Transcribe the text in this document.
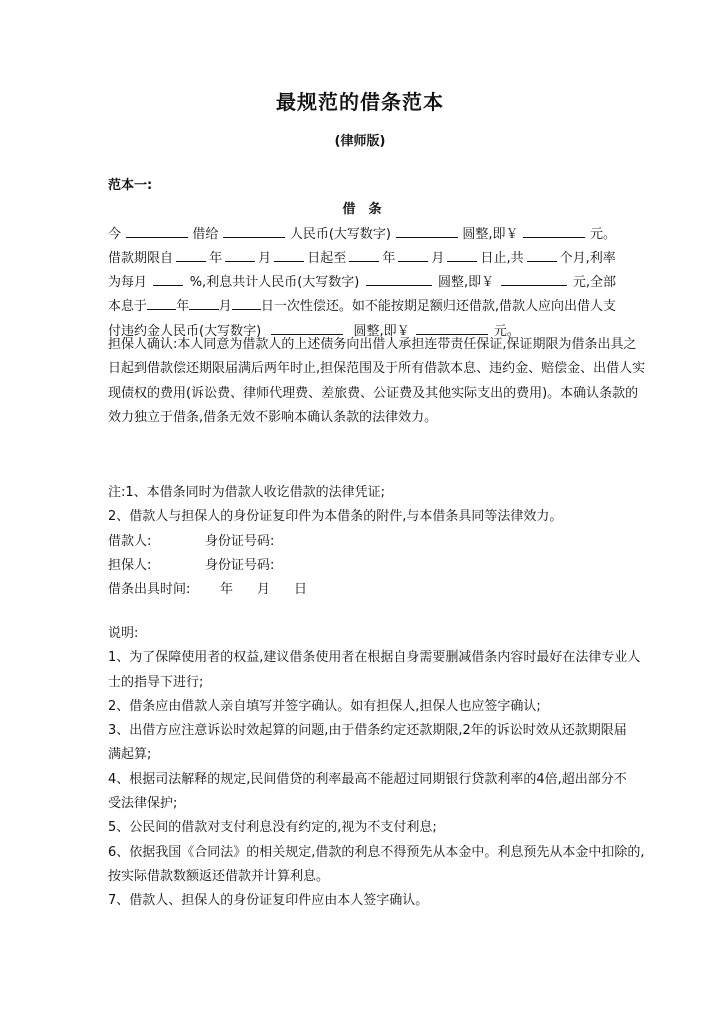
最规范的借条范本
(律师版)
范本一:
借　条
今	借给	人民币(大写数字)	圆整,即￥	元。
借款期限自	年	月	日起至	年	月	日止,共	个月,利率
为每月	%,利息共计人民币(大写数字)	圆整,即￥	元,全部
本息于 年 月 日一次性偿还。如不能按期足额归还借款,借款人应向出借人支
付违约金人民币(大写数字)	圆整,即￥	元。
担保人确认:本人同意为借款人的上述债务向出借人承担连带责任保证,保证期限为借条出具之
日起到借款偿还期限届满后两年时止,担保范围及于所有借款本息、违约金、赔偿金、出借人实
现债权的费用(诉讼费、律师代理费、差旅费、公证费及其他实际支出的费用)。本确认条款的
效力独立于借条,借条无效不影响本确认条款的法律效力。
注:1、本借条同时为借款人收讫借款的法律凭证;
2、借款人与担保人的身份证复印件为本借条的附件,与本借条具同等法律效力。
借款人:	身份证号码:
担保人:	身份证号码:
借条出具时间: 年 月 日
说明:
1、为了保障使用者的权益,建议借条使用者在根据自身需要删减借条内容时最好在法律专业人
士的指导下进行;
2、借条应由借款人亲自填写并签字确认。如有担保人,担保人也应签字确认;
3、出借方应注意诉讼时效起算的问题,由于借条约定还款期限,2年的诉讼时效从还款期限届
满起算;
4、根据司法解释的规定,民间借贷的利率最高不能超过同期银行贷款利率的4倍,超出部分不
受法律保护;
5、公民间的借款对支付利息没有约定的,视为不支付利息;
6、依据我国《合同法》的相关规定,借款的利息不得预先从本金中。利息预先从本金中扣除的,
按实际借款数额返还借款并计算利息。
7、借款人、担保人的身份证复印件应由本人签字确认。
